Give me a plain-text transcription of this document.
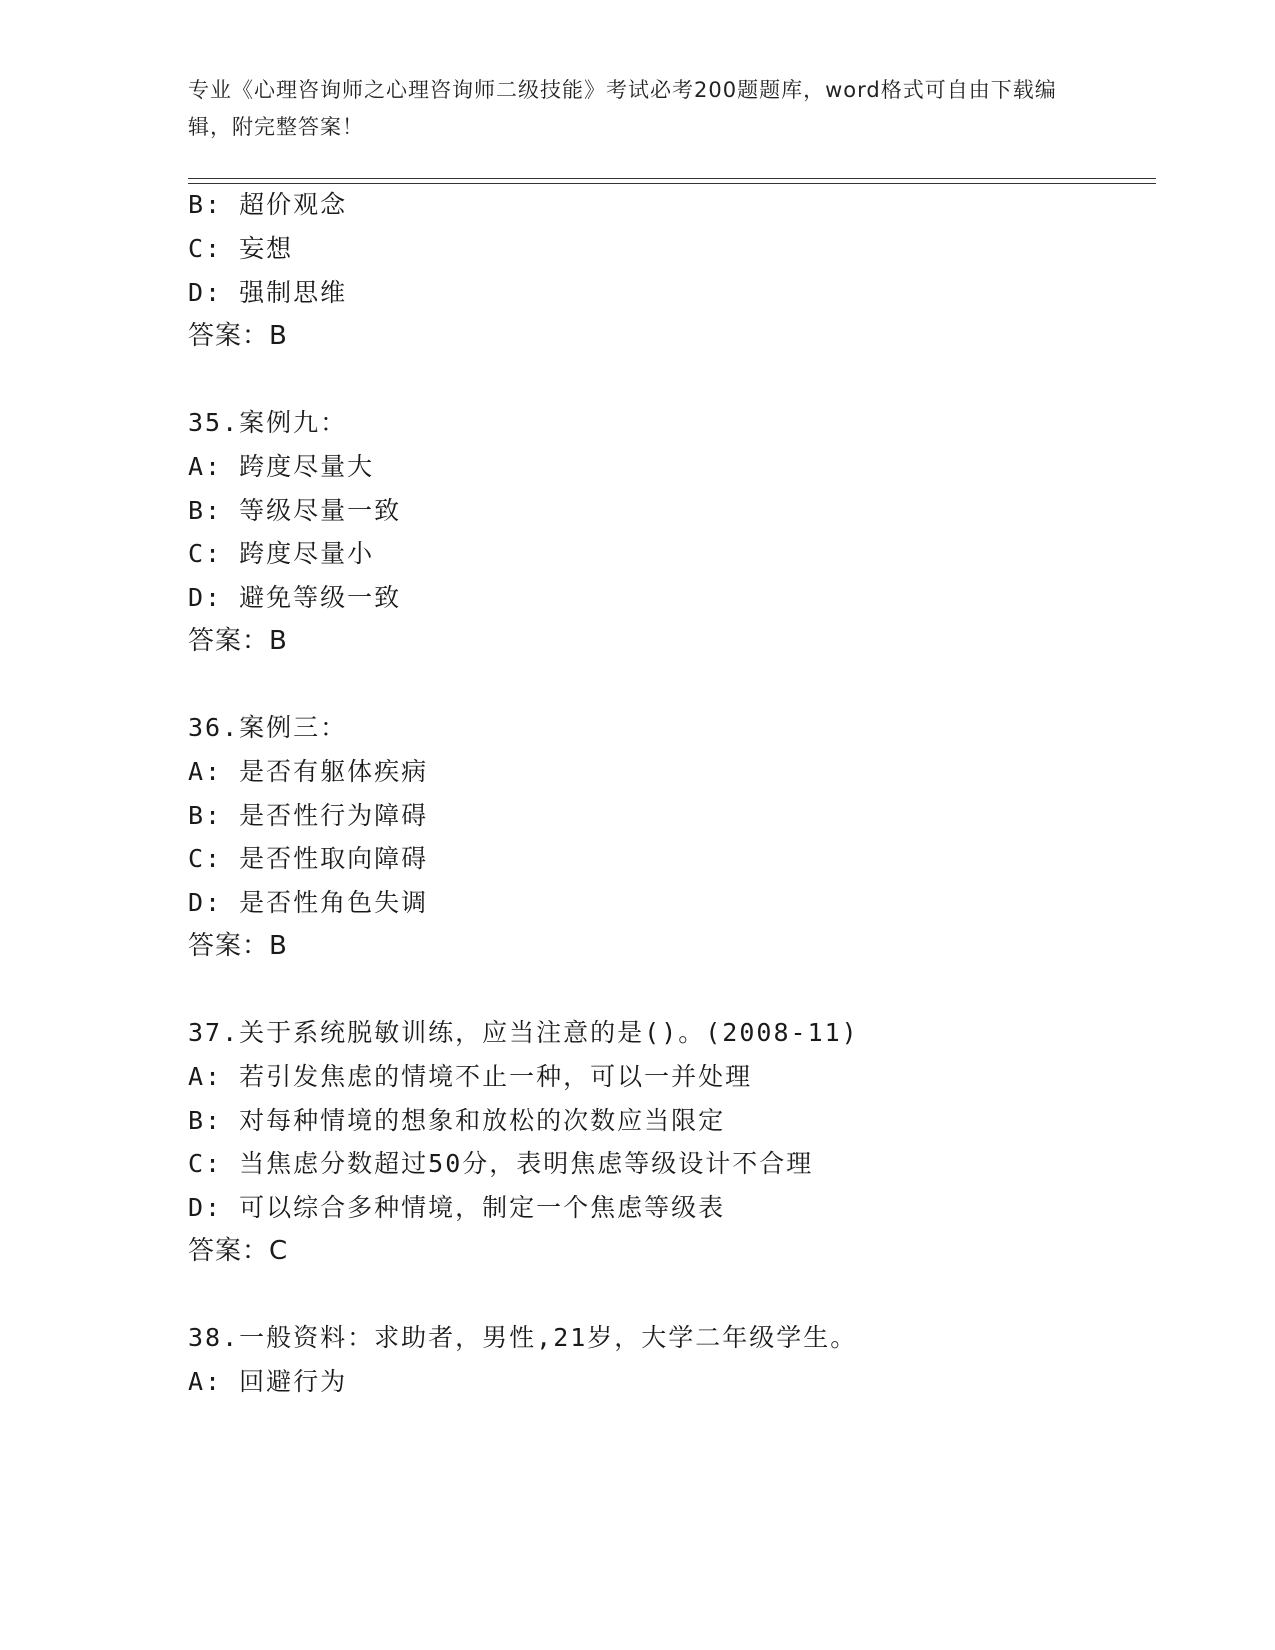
专业《心理咨询师之心理咨询师二级技能》考试必考200题题库，word格式可自由下载编辑，附完整答案！
B: 超价观念
C: 妄想
D: 强制思维
答案：B
35.案例九：
A: 跨度尽量大
B: 等级尽量一致
C: 跨度尽量小
D: 避免等级一致
答案：B
36.案例三：
A: 是否有躯体疾病
B: 是否性行为障碍
C: 是否性取向障碍
D: 是否性角色失调
答案：B
37.关于系统脱敏训练，应当注意的是()。(2008-11)
A: 若引发焦虑的情境不止一种，可以一并处理
B: 对每种情境的想象和放松的次数应当限定
C: 当焦虑分数超过50分，表明焦虑等级设计不合理
D: 可以综合多种情境，制定一个焦虑等级表
答案：C
38.一般资料：求助者，男性,21岁，大学二年级学生。
A: 回避行为
